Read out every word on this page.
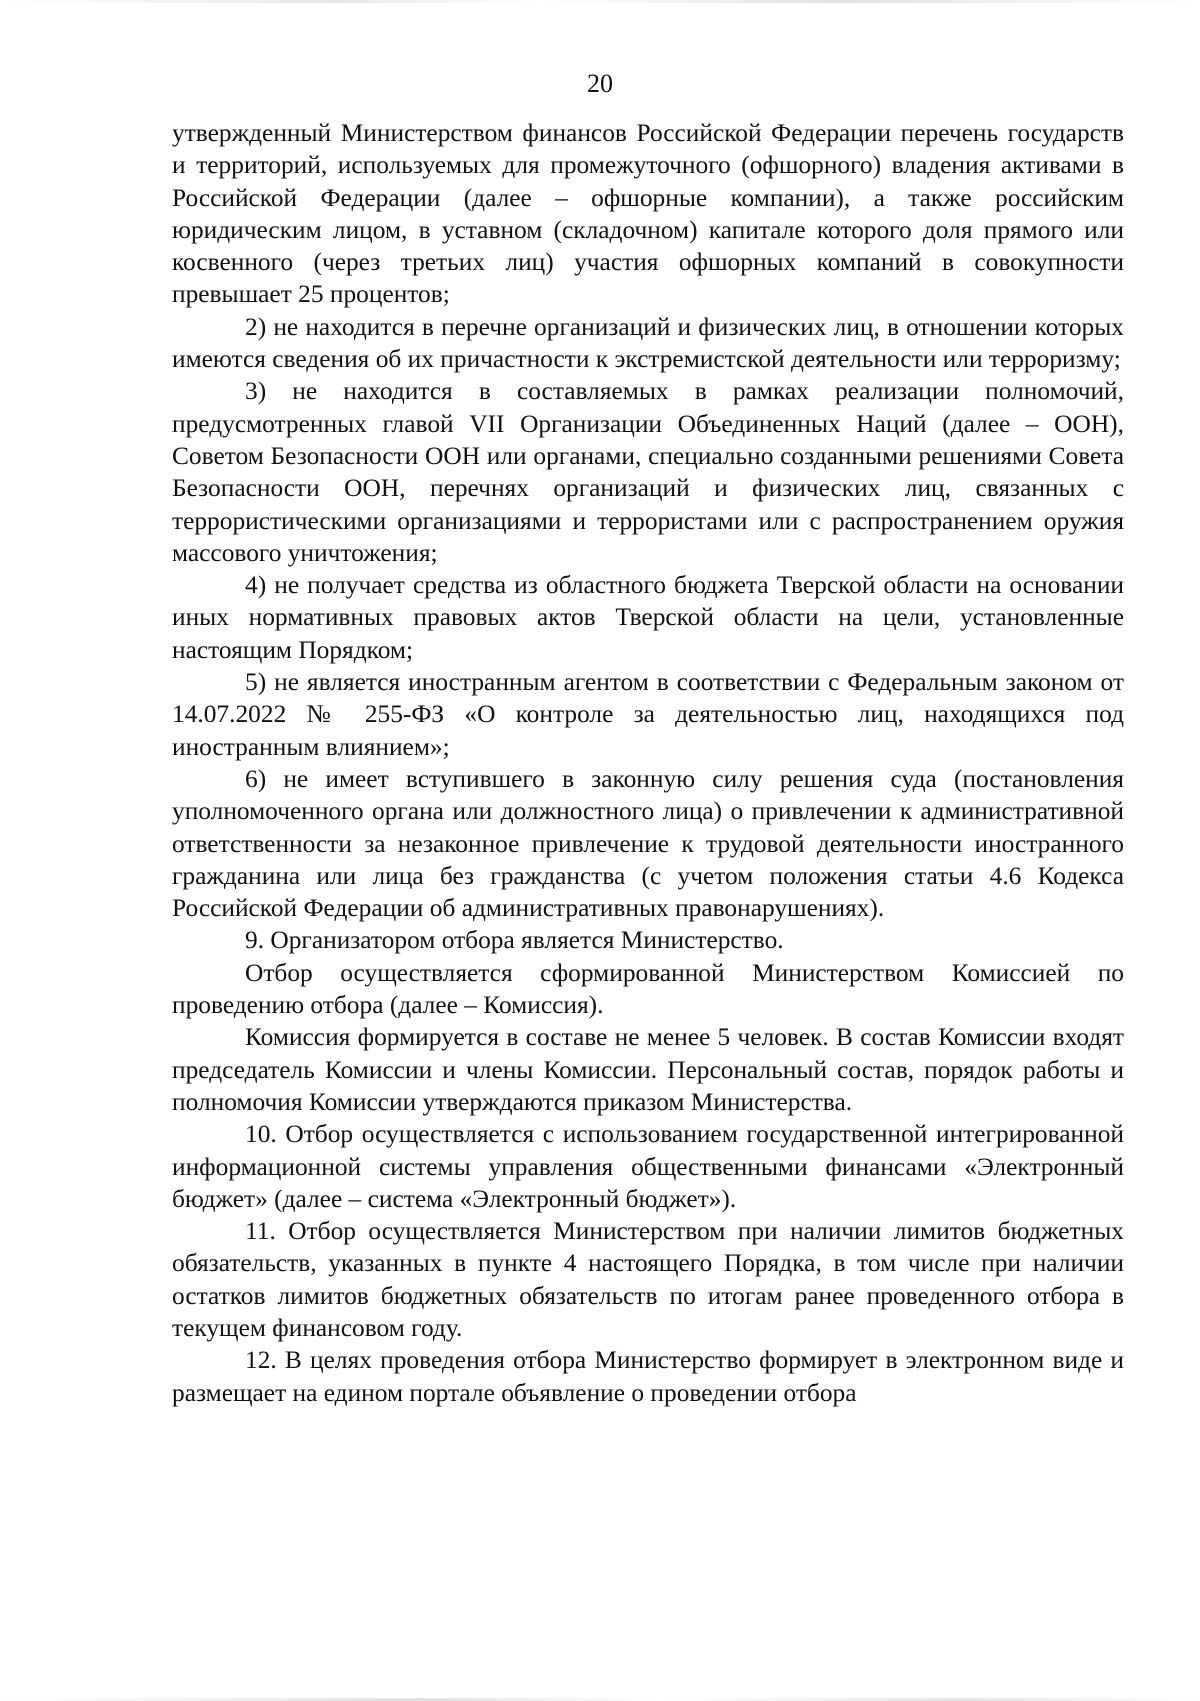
20

утвержденный Министерством финансов Российской Федерации перечень государств и территорий, используемых для промежуточного (офшорного) владения активами в Российской Федерации (далее – офшорные компании), а также российским юридическим лицом, в уставном (складочном) капитале которого доля прямого или косвенного (через третьих лиц) участия офшорных компаний в совокупности превышает 25 процентов;

2) не находится в перечне организаций и физических лиц, в отношении которых имеются сведения об их причастности к экстремистской деятельности или терроризму;

3) не находится в составляемых в рамках реализации полномочий, предусмотренных главой VII Организации Объединенных Наций (далее – ООН), Советом Безопасности ООН или органами, специально созданными решениями Совета Безопасности ООН, перечнях организаций и физических лиц, связанных с террористическими организациями и террористами или с распространением оружия массового уничтожения;

4) не получает средства из областного бюджета Тверской области на основании иных нормативных правовых актов Тверской области на цели, установленные настоящим Порядком;

5) не является иностранным агентом в соответствии с Федеральным законом от 14.07.2022 № 255-ФЗ «О контроле за деятельностью лиц, находящихся под иностранным влиянием»;

6) не имеет вступившего в законную силу решения суда (постановления уполномоченного органа или должностного лица) о привлечении к административной ответственности за незаконное привлечение к трудовой деятельности иностранного гражданина или лица без гражданства (с учетом положения статьи 4.6 Кодекса Российской Федерации об административных правонарушениях).

9. Организатором отбора является Министерство.

Отбор осуществляется сформированной Министерством Комиссией по проведению отбора (далее – Комиссия).

Комиссия формируется в составе не менее 5 человек. В состав Комиссии входят председатель Комиссии и члены Комиссии. Персональный состав, порядок работы и полномочия Комиссии утверждаются приказом Министерства.

10. Отбор осуществляется с использованием государственной интегрированной информационной системы управления общественными финансами «Электронный бюджет» (далее – система «Электронный бюджет»).

11. Отбор осуществляется Министерством при наличии лимитов бюджетных обязательств, указанных в пункте 4 настоящего Порядка, в том числе при наличии остатков лимитов бюджетных обязательств по итогам ранее проведенного отбора в текущем финансовом году.

12. В целях проведения отбора Министерство формирует в электронном виде и размещает на едином портале объявление о проведении отбора
